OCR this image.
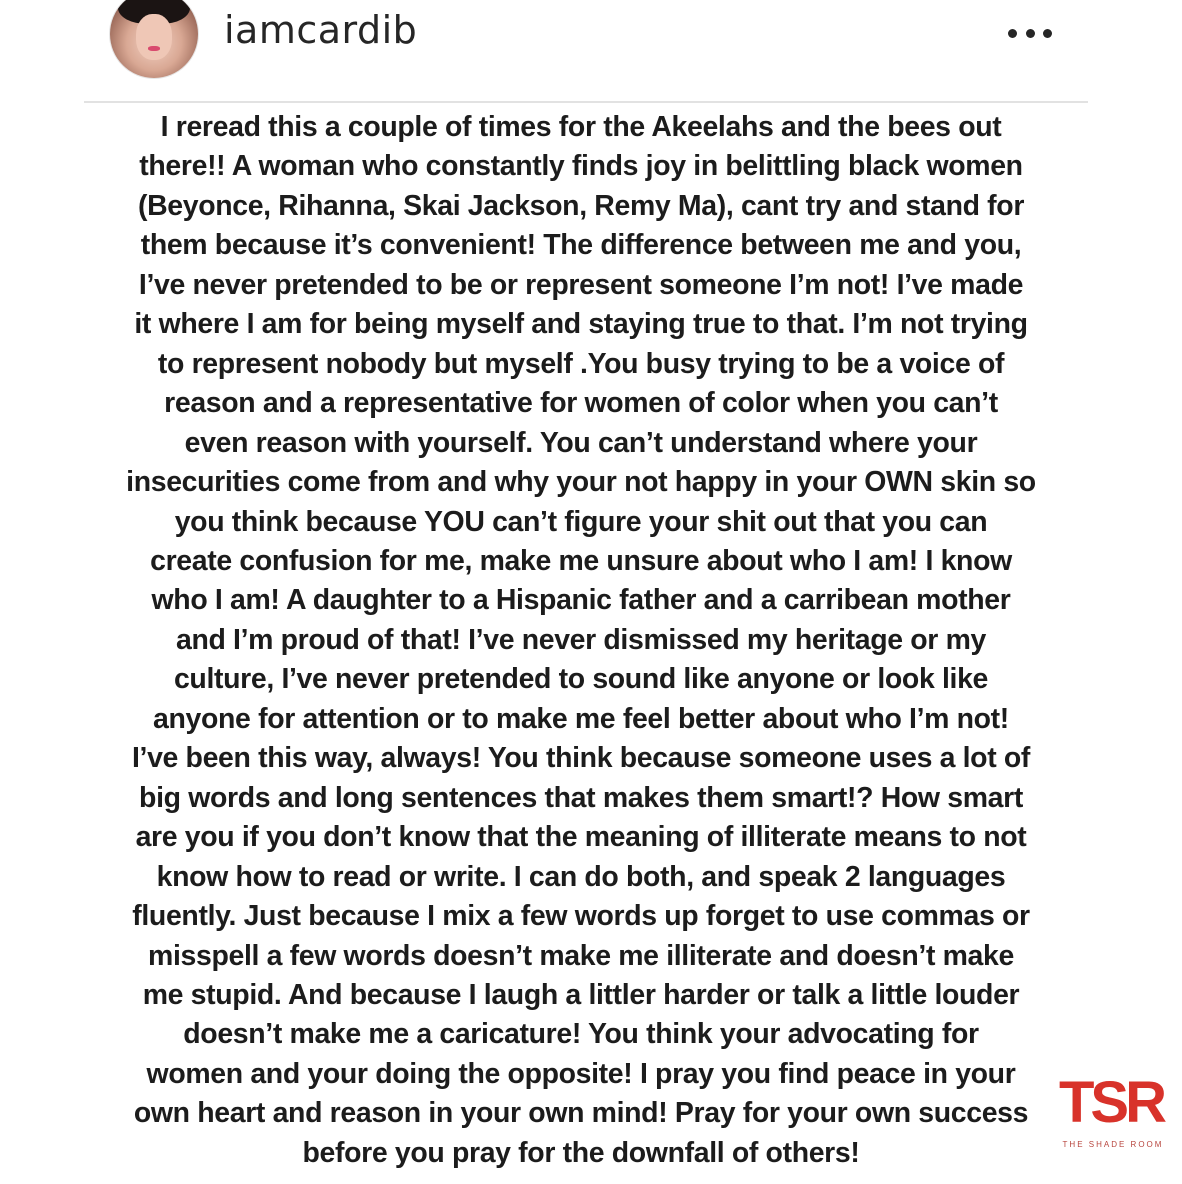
iamcardib
I reread this a couple of times for the Akeelahs and the bees out
there!! A woman who constantly finds joy in belittling black women
(Beyonce, Rihanna, Skai Jackson, Remy Ma), cant try and stand for
them because it’s convenient! The difference between me and you,
I’ve never pretended to be or represent someone I’m not! I’ve made
it where I am for being myself and staying true to that. I’m not trying
to represent nobody but myself .You busy trying to be a voice of
reason and a representative for women of color when you can’t
even reason with yourself. You can’t understand where your
insecurities come from and why your not happy in your OWN skin so
you think because YOU can’t figure your shit out that you can
create confusion for me, make me unsure about who I am! I know
who I am! A daughter to a Hispanic father and a carribean mother
and I’m proud of that! I’ve never dismissed my heritage or my
culture, I’ve never pretended to sound like anyone or look like
anyone for attention or to make me feel better about who I’m not!
I’ve been this way, always! You think because someone uses a lot of
big words and long sentences that makes them smart!? How smart
are you if you don’t know that the meaning of illiterate means to not
know how to read or write. I can do both, and speak 2 languages
fluently. Just because I mix a few words up forget to use commas or
misspell a few words doesn’t make me illiterate and doesn’t make
me stupid. And because I laugh a littler harder or talk a little louder
doesn’t make me a caricature! You think your advocating for
women and your doing the opposite! I pray you find peace in your
own heart and reason in your own mind! Pray for your own success
before you pray for the downfall of others!
TSR
THE SHADE ROOM
